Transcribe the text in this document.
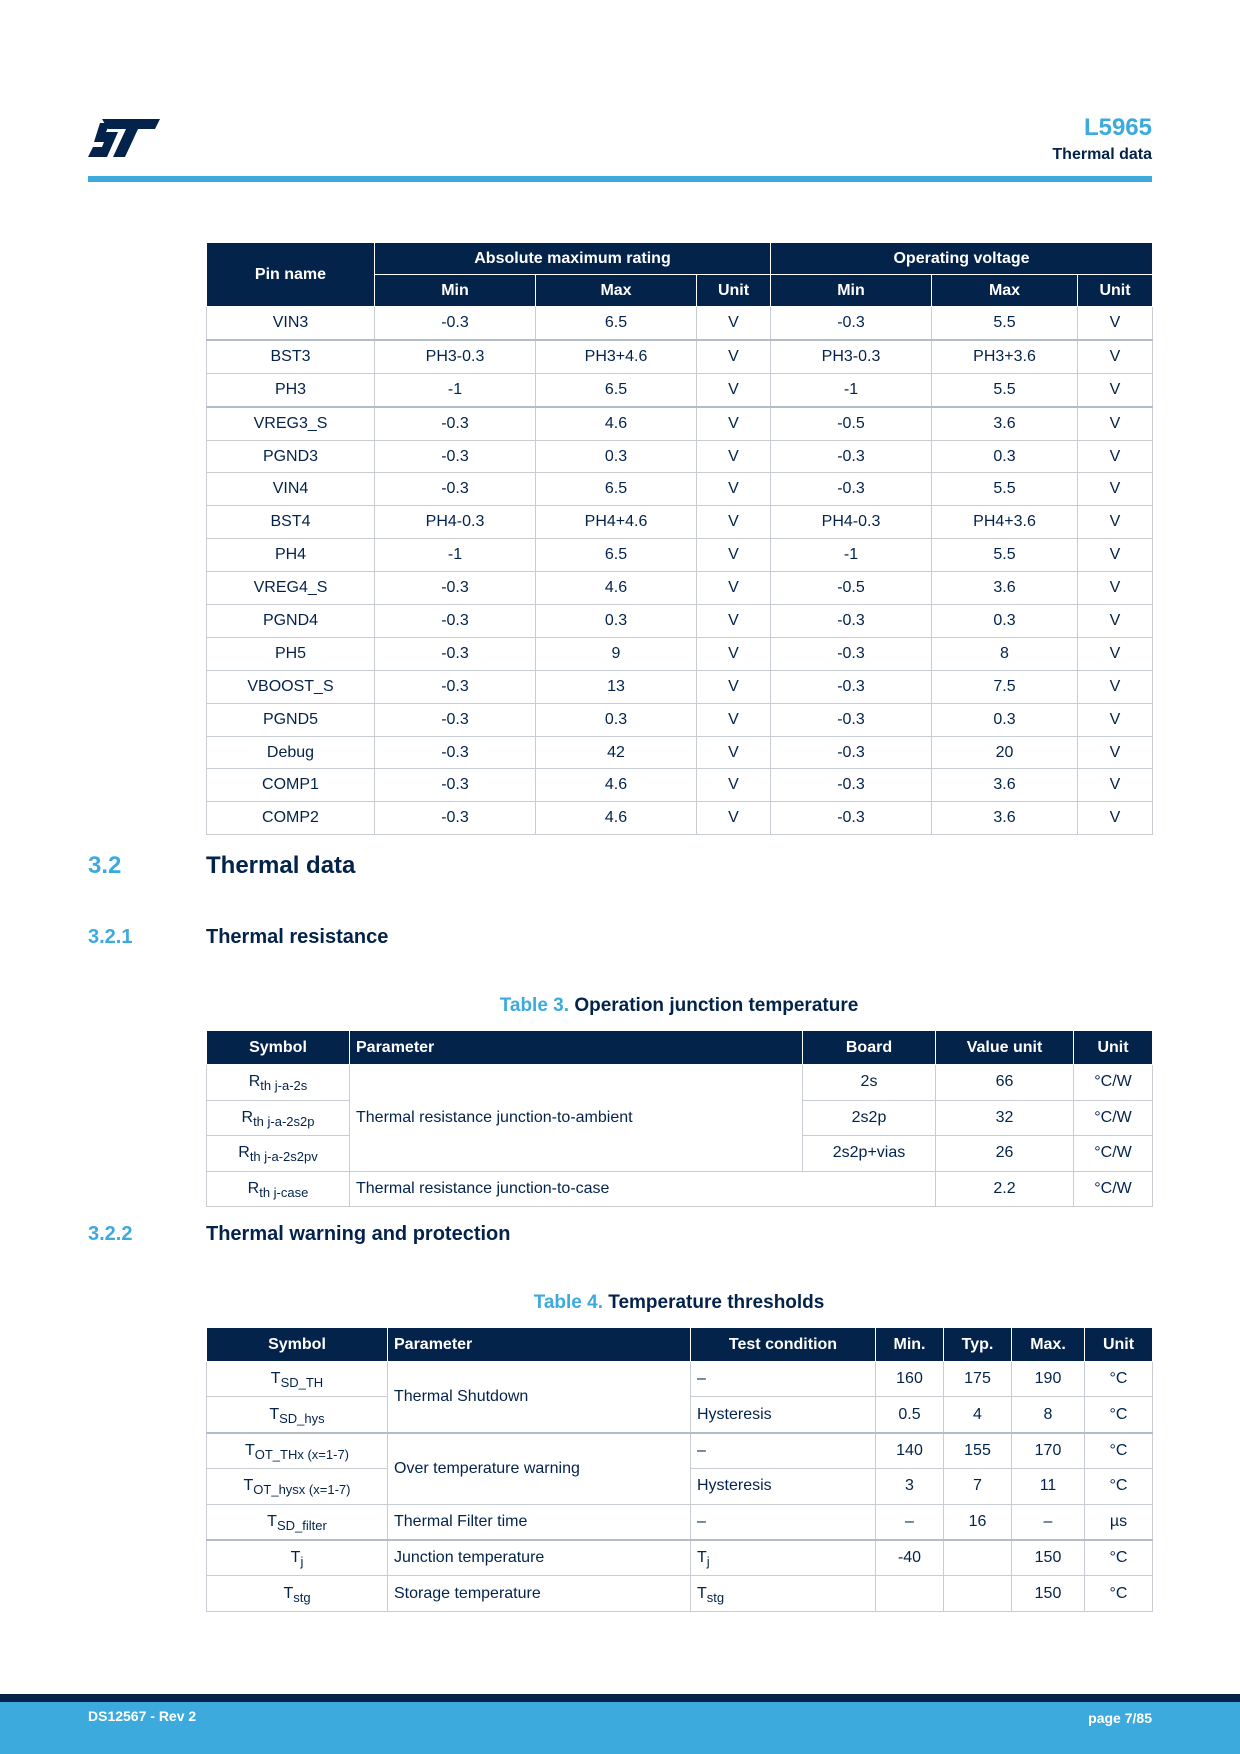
L5965
Thermal data
Pin name	Absolute maximum rating			Operating voltage		
	Min	Max	Unit	Min	Max	Unit
VIN3	-0.3	6.5	V	-0.3	5.5	V
BST3	PH3-0.3	PH3+4.6	V	PH3-0.3	PH3+3.6	V
PH3	-1	6.5	V	-1	5.5	V
VREG3_S	-0.3	4.6	V	-0.5	3.6	V
PGND3	-0.3	0.3	V	-0.3	0.3	V
VIN4	-0.3	6.5	V	-0.3	5.5	V
BST4	PH4-0.3	PH4+4.6	V	PH4-0.3	PH4+3.6	V
PH4	-1	6.5	V	-1	5.5	V
VREG4_S	-0.3	4.6	V	-0.5	3.6	V
PGND4	-0.3	0.3	V	-0.3	0.3	V
PH5	-0.3	9	V	-0.3	8	V
VBOOST_S	-0.3	13	V	-0.3	7.5	V
PGND5	-0.3	0.3	V	-0.3	0.3	V
Debug	-0.3	42	V	-0.3	20	V
COMP1	-0.3	4.6	V	-0.3	3.6	V
COMP2	-0.3	4.6	V	-0.3	3.6	V
3.2	Thermal data
3.2.1	Thermal resistance
Table 3. Operation junction temperature
Symbol	Parameter	Board	Value unit	Unit
$R_{th j-a-2s}$	Thermal resistance junction-to-ambient	2s	66	°C/W
$R_{th j-a-2s2p}$		2s2p	32	°C/W
$R_{th j-a-2s2pv}$		2s2p+vias	26	°C/W
$R_{th j-case}$	Thermal resistance junction-to-case		2.2	°C/W
3.2.2	Thermal warning and protection
Table 4. Temperature thresholds
Symbol	Parameter	Test condition	Min.	Typ.	Max.	Unit
$T_{SD\_TH}$	Thermal Shutdown	–	160	175	190	°C
$T_{SD\_hys}$		Hysteresis	0.5	4	8	°C
$T_{OT\_THx (x=1-7)}$	Over temperature warning	–	140	155	170	°C
$T_{OT\_hysx (x=1-7)}$		Hysteresis	3	7	11	°C
$T_{SD\_filter}$	Thermal Filter time	–	–	16	–	µs
$T_j$	Junction temperature	$T_j$	-40		150	°C
$T_{stg}$	Storage temperature	$T_{stg}$			150	°C
DS12567 - Rev 2	page 7/85
